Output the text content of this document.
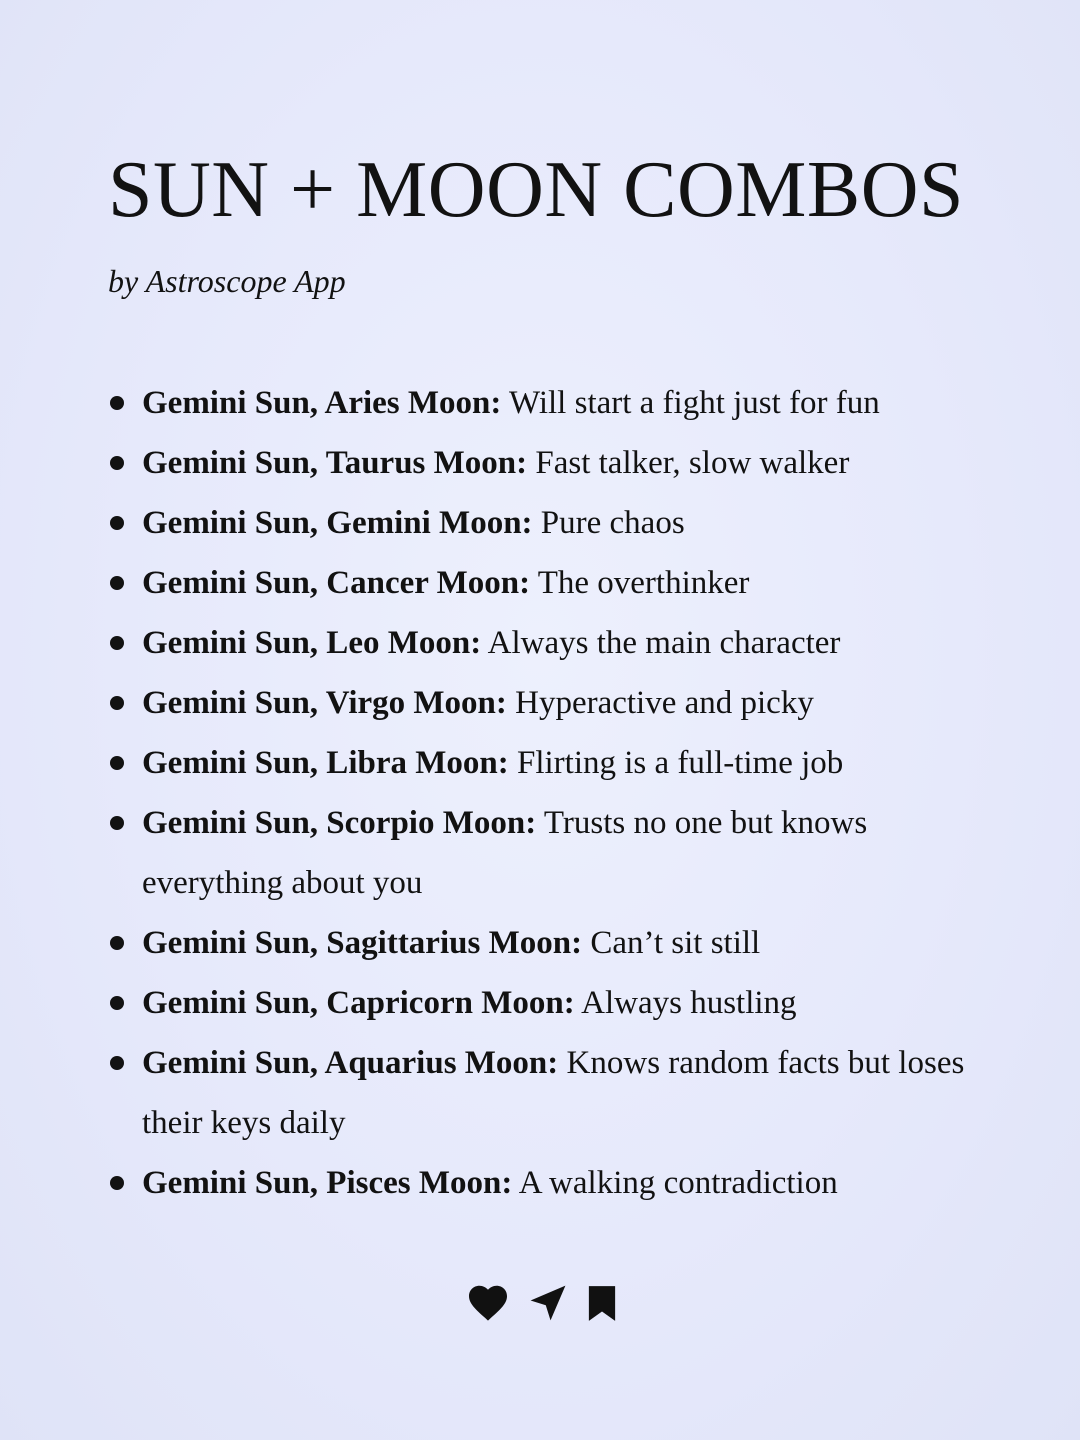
SUN + MOON COMBOS

by Astroscope App

Gemini Sun, Aries Moon: Will start a fight just for fun
Gemini Sun, Taurus Moon: Fast talker, slow walker
Gemini Sun, Gemini Moon: Pure chaos
Gemini Sun, Cancer Moon: The overthinker
Gemini Sun, Leo Moon: Always the main character
Gemini Sun, Virgo Moon: Hyperactive and picky
Gemini Sun, Libra Moon: Flirting is a full-time job
Gemini Sun, Scorpio Moon: Trusts no one but knows everything about you
Gemini Sun, Sagittarius Moon: Can’t sit still
Gemini Sun, Capricorn Moon: Always hustling
Gemini Sun, Aquarius Moon: Knows random facts but loses their keys daily
Gemini Sun, Pisces Moon: A walking contradiction
